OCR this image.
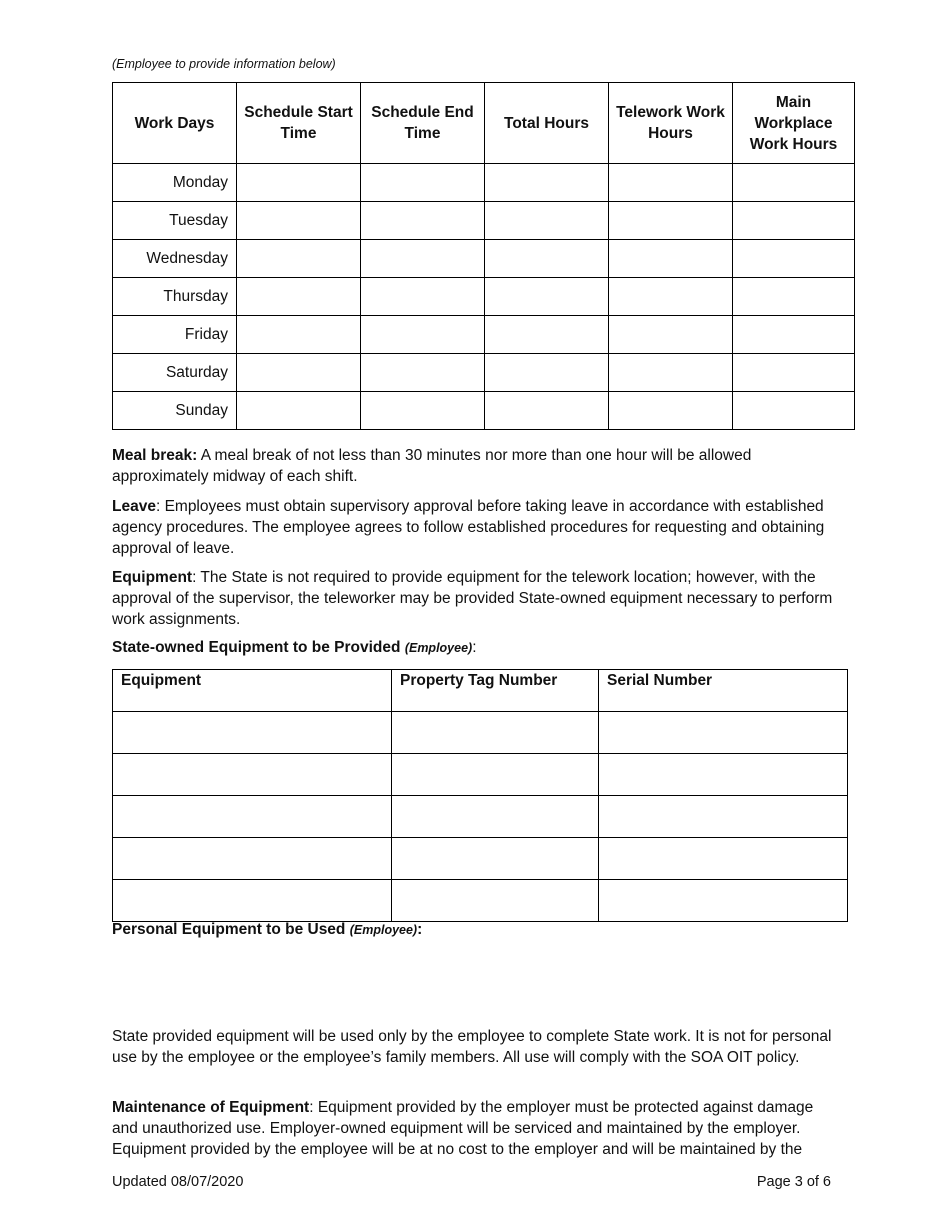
(Employee to provide information below)
Work Days	Schedule Start Time	Schedule End Time	Total Hours	Telework Work Hours	Main Workplace Work Hours
Monday					
Tuesday					
Wednesday					
Thursday					
Friday					
Saturday					
Sunday					

Meal break: A meal break of not less than 30 minutes nor more than one hour will be allowed approximately midway of each shift.

Leave: Employees must obtain supervisory approval before taking leave in accordance with established agency procedures. The employee agrees to follow established procedures for requesting and obtaining approval of leave.

Equipment: The State is not required to provide equipment for the telework location; however, with the approval of the supervisor, the teleworker may be provided State-owned equipment necessary to perform work assignments.

State-owned Equipment to be Provided (Employee):

Equipment	Property Tag Number	Serial Number

Personal Equipment to be Used (Employee):

State provided equipment will be used only by the employee to complete State work. It is not for personal use by the employee or the employee’s family members. All use will comply with the SOA OIT policy.

Maintenance of Equipment: Equipment provided by the employer must be protected against damage and unauthorized use. Employer-owned equipment will be serviced and maintained by the employer. Equipment provided by the employee will be at no cost to the employer and will be maintained by the

Updated 08/07/2020	Page 3 of 6
